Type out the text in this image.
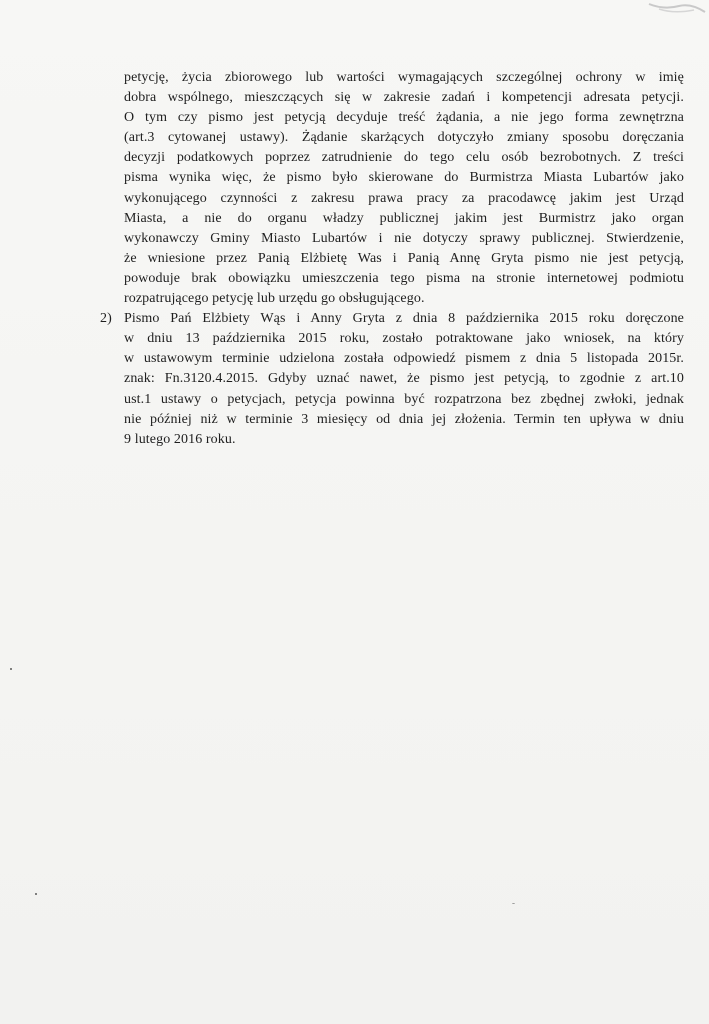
petycję, życia zbiorowego lub wartości wymagających szczególnej ochrony w imię
dobra wspólnego, mieszczących się w zakresie zadań i kompetencji adresata petycji.
O tym czy pismo jest petycją decyduje treść żądania, a nie jego forma zewnętrzna
(art.3 cytowanej ustawy). Żądanie skarżących dotyczyło zmiany sposobu doręczania
decyzji podatkowych poprzez zatrudnienie do tego celu osób bezrobotnych. Z treści
pisma wynika więc, że pismo było skierowane do Burmistrza Miasta Lubartów jako
wykonującego czynności z zakresu prawa pracy za pracodawcę jakim jest Urząd
Miasta, a nie do organu władzy publicznej jakim jest Burmistrz jako organ
wykonawczy Gminy Miasto Lubartów i nie dotyczy sprawy publicznej. Stwierdzenie,
że wniesione przez Panią Elżbietę Was i Panią Annę Gryta pismo nie jest petycją,
powoduje brak obowiązku umieszczenia tego pisma na stronie internetowej podmiotu
rozpatrującego petycję lub urzędu go obsługującego.

2) Pismo Pań Elżbiety Wąs i Anny Gryta z dnia 8 października 2015 roku doręczone
w dniu 13 października 2015 roku, zostało potraktowane jako wniosek, na który
w ustawowym terminie udzielona została odpowiedź pismem z dnia 5 listopada 2015r.
znak: Fn.3120.4.2015. Gdyby uznać nawet, że pismo jest petycją, to zgodnie z art.10
ust.1 ustawy o petycjach, petycja powinna być rozpatrzona bez zbędnej zwłoki, jednak
nie później niż w terminie 3 miesięcy od dnia jej złożenia. Termin ten upływa w dniu
9 lutego 2016 roku.
